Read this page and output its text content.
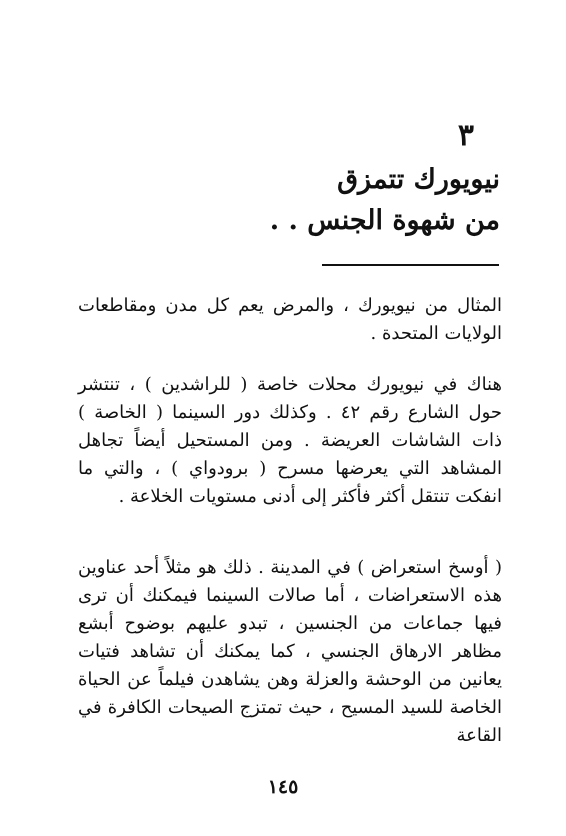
٣
نيويورك تتمزق
من شهوة الجنس . .

المثال من نيويورك ، والمرض يعم كل مدن ومقاطعات الولايات المتحدة .

هناك في نيويورك محلات خاصة ( للراشدين ) ، تنتشر حول الشارع رقم ٤٢ . وكذلك دور السينما ( الخاصة ) ذات الشاشات العريضة . ومن المستحيل أيضاً تجاهل المشاهد التي يعرضها مسرح ( برودواي ) ، والتي ما انفكت تنتقل أكثر فأكثر إلى أدنى مستويات الخلاعة .

( أوسخ استعراض ) في المدينة . ذلك هو مثلاً أحد عناوين هذه الاستعراضات ، أما صالات السينما فيمكنك أن ترى فيها جماعات من الجنسين ، تبدو عليهم بوضوح أبشع مظاهر الارهاق الجنسي ، كما يمكنك أن تشاهد فتيات يعانين من الوحشة والعزلة وهن يشاهدن فيلماً عن الحياة الخاصة للسيد المسيح ، حيث تمتزج الصيحات الكافرة في القاعة

١٤٥
